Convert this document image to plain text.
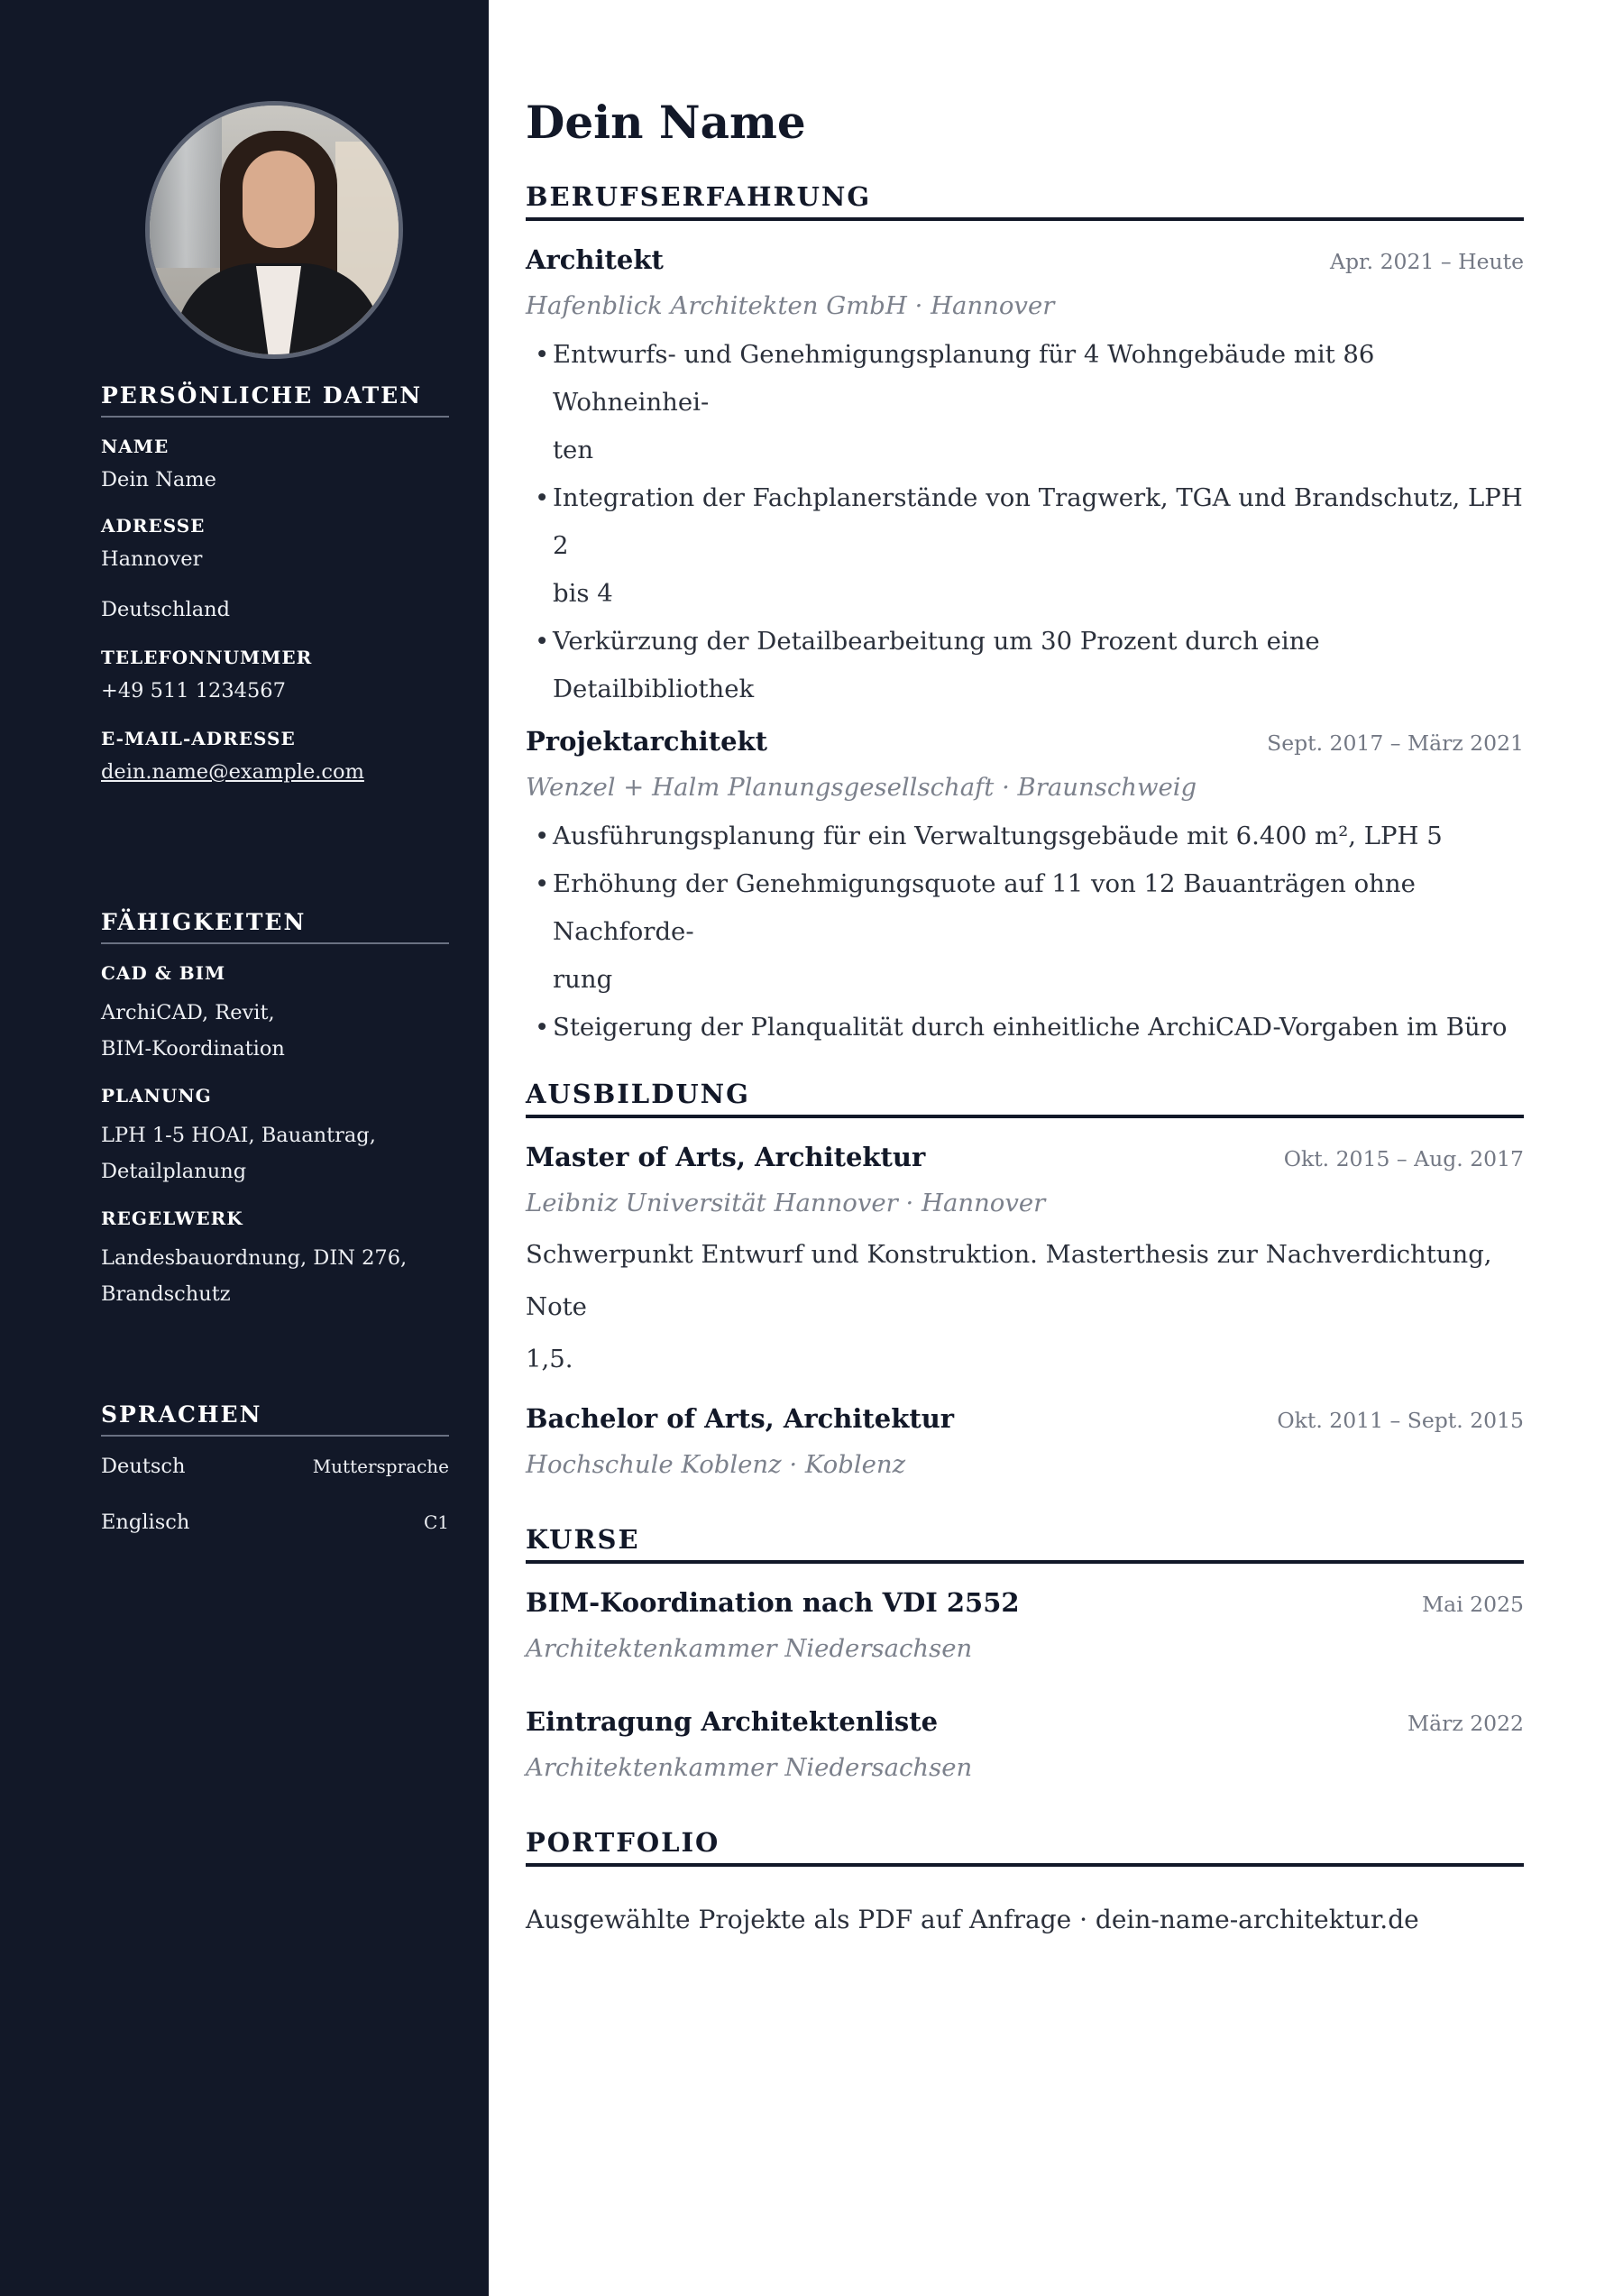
PERSÖNLICHE DATEN
NAME
Dein Name
ADRESSE
Hannover
Deutschland
TELEFONNUMMER
+49 511 1234567
E-MAIL-ADRESSE
dein.name@example.com
FÄHIGKEITEN
CAD & BIM
ArchiCAD, Revit,
BIM-Koordination
PLANUNG
LPH 1-5 HOAI, Bauantrag,
Detailplanung
REGELWERK
Landesbauordnung, DIN 276,
Brandschutz
SPRACHEN
Deutsch	Muttersprache
Englisch	C1
Dein Name
BERUFSERFAHRUNG
Architekt	Apr. 2021 – Heute
Hafenblick Architekten GmbH · Hannover
• Entwurfs- und Genehmigungsplanung für 4 Wohngebäude mit 86 Wohneinhei-
ten
• Integration der Fachplanerstände von Tragwerk, TGA und Brandschutz, LPH 2
bis 4
• Verkürzung der Detailbearbeitung um 30 Prozent durch eine Detailbibliothek
Projektarchitekt	Sept. 2017 – März 2021
Wenzel + Halm Planungsgesellschaft · Braunschweig
• Ausführungsplanung für ein Verwaltungsgebäude mit 6.400 m², LPH 5
• Erhöhung der Genehmigungsquote auf 11 von 12 Bauanträgen ohne Nachforde-
rung
• Steigerung der Planqualität durch einheitliche ArchiCAD-Vorgaben im Büro
AUSBILDUNG
Master of Arts, Architektur	Okt. 2015 – Aug. 2017
Leibniz Universität Hannover · Hannover
Schwerpunkt Entwurf und Konstruktion. Masterthesis zur Nachverdichtung, Note
1,5.
Bachelor of Arts, Architektur	Okt. 2011 – Sept. 2015
Hochschule Koblenz · Koblenz
KURSE
BIM-Koordination nach VDI 2552	Mai 2025
Architektenkammer Niedersachsen
Eintragung Architektenliste	März 2022
Architektenkammer Niedersachsen
PORTFOLIO
Ausgewählte Projekte als PDF auf Anfrage · dein-name-architektur.de
